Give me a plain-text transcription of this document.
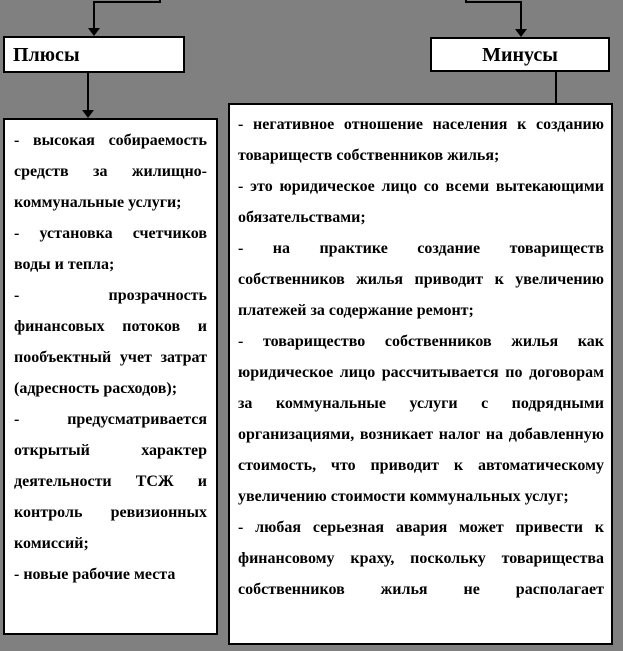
Плюсы	Минусы

- высокая собираемость средств за жилищно-коммунальные услуги;

- установка счетчиков воды и тепла;

- прозрачность финансовых потоков и пообъектный учет затрат (адресность расходов);

- предусматривается открытый характер деятельности ТСЖ и контроль ревизионных комиссий;

- новые рабочие места

- негативное отношение населения к созданию товариществ собственников жилья;

- это юридическое лицо со всеми вытекающими обязательствами;

- на практике создание товариществ собственников жилья приводит к увеличению платежей за содержание ремонт;

- товарищество собственников жилья как юридическое лицо рассчитывается по договорам за коммунальные услуги с подрядными организациями, возникает налог на добавленную стоимость, что приводит к автоматическому увеличению стоимости коммунальных услуг;

- любая серьезная авария может привести к финансовому краху, поскольку товарищества собственников жилья не располагает
